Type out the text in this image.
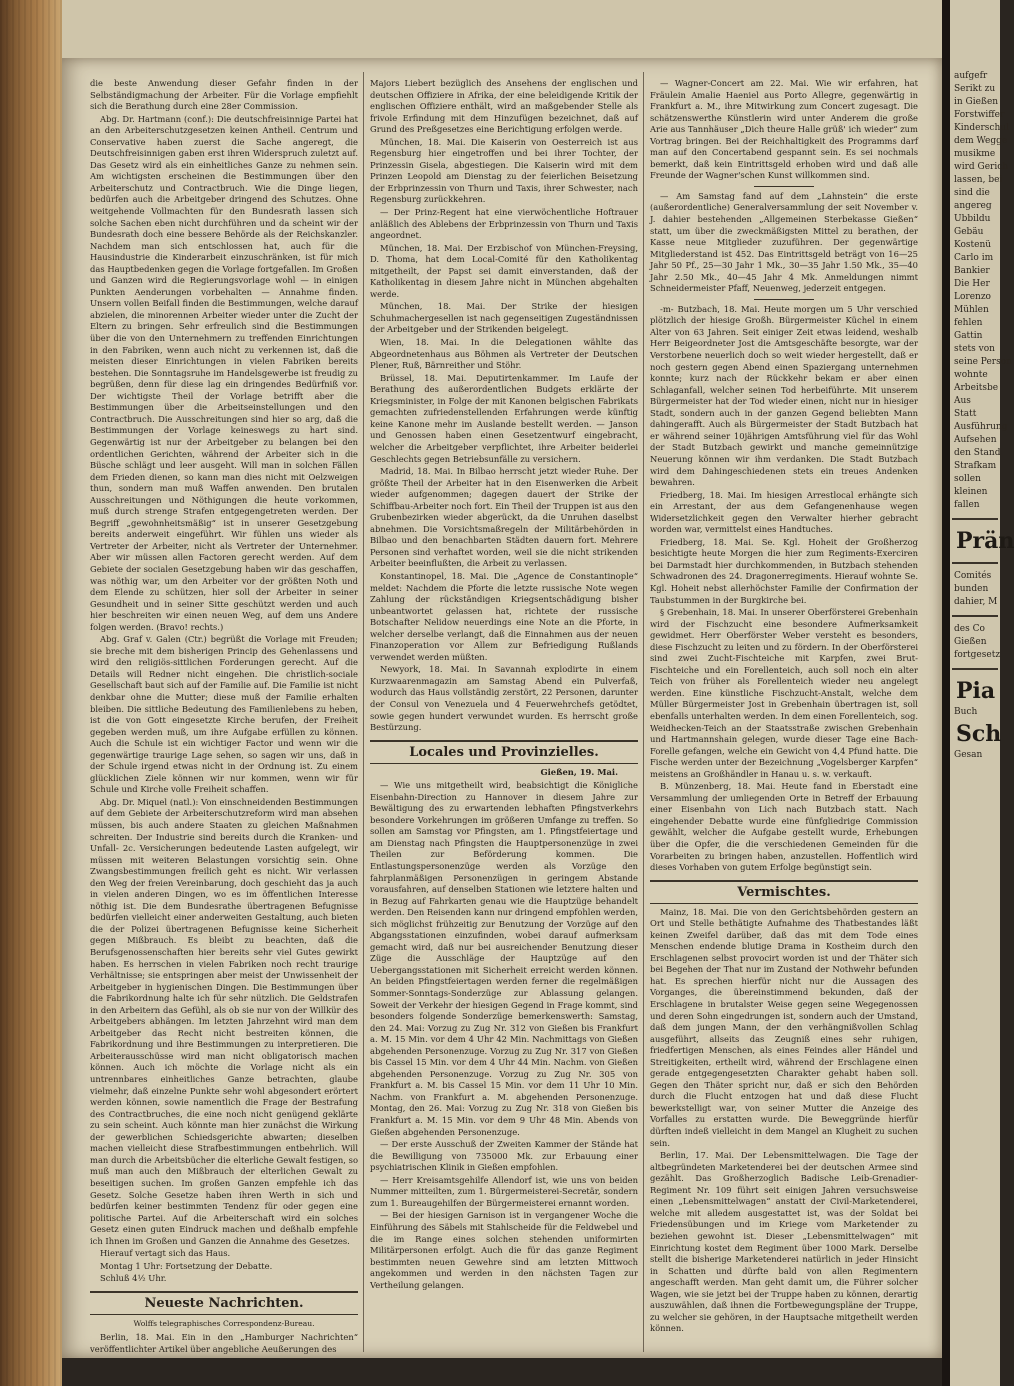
die beste Anwendung dieser Gefahr finden in der Selbständigmachung der Arbeiter. Für die Vorlage empfiehlt sich die Berathung durch eine 28er Commission.

Abg. Dr. Hartmann (conf.): Die deutschfreisinnige Partei hat an den Arbeiterschutzgesetzen keinen Antheil. Centrum und Conservative haben zuerst die Sache angeregt, die Deutschfreisinnigen gaben erst ihren Widerspruch zuletzt auf. Das Gesetz wird als ein einheitliches Ganze zu nehmen sein. Am wichtigsten erscheinen die Bestimmungen über den Arbeiterschutz und Contractbruch. Wie die Dinge liegen, bedürfen auch die Arbeitgeber dringend des Schutzes. Ohne weitgehende Vollmachten für den Bundesrath lassen sich solche Sachen eben nicht durchführen und da scheint wir der Bundesrath doch eine bessere Behörde als der Reichskanzler. Nachdem man sich entschlossen hat, auch für die Hausindustrie die Kinderarbeit einzuschränken, ist für mich das Hauptbedenken gegen die Vorlage fortgefallen. Im Großen und Ganzen wird die Regierungsvorlage wohl — in einigen Punkten Aenderungen vorbehalten — Annahme finden. Unsern vollen Beifall finden die Bestimmungen, welche darauf abzielen, die minorennen Arbeiter wieder unter die Zucht der Eltern zu bringen. Sehr erfreulich sind die Bestimmungen über die von den Unternehmern zu treffenden Einrichtungen in den Fabriken, wenn auch nicht zu verkennen ist, daß die meisten dieser Einrichtungen in vielen Fabriken bereits bestehen. Die Sonntagsruhe im Handelsgewerbe ist freudig zu begrüßen, denn für diese lag ein dringendes Bedürfniß vor. Der wichtigste Theil der Vorlage betrifft aber die Bestimmungen über die Arbeitseinstellungen und den Contractbruch. Die Ausschreitungen sind hier so arg, daß die Bestimmungen der Vorlage keineswegs zu hart sind. Gegenwärtig ist nur der Arbeitgeber zu belangen bei den ordentlichen Gerichten, während der Arbeiter sich in die Büsche schlägt und leer ausgeht. Will man in solchen Fällen dem Frieden dienen, so kann man dies nicht mit Oelzweigen thun, sondern man muß Waffen anwenden. Den brutalen Ausschreitungen und Nöthigungen die heute vorkommen, muß durch strenge Strafen entgegengetreten werden. Der Begriff „gewohnheitsmäßig“ ist in unserer Gesetzgebung bereits anderweit eingeführt. Wir fühlen uns wieder als Vertreter der Arbeiter, nicht als Vertreter der Unternehmer. Aber wir müssen allen Factoren gerecht werden. Auf dem Gebiete der socialen Gesetzgebung haben wir das geschaffen, was nöthig war, um den Arbeiter vor der größten Noth und dem Elende zu schützen, hier soll der Arbeiter in seiner Gesundheit und in seiner Sitte geschützt werden und auch hier beschreiten wir einen neuen Weg, auf dem uns Andere folgen werden. (Bravo! rechts.)

Abg. Graf v. Galen (Ctr.) begrüßt die Vorlage mit Freuden; sie breche mit dem bisherigen Princip des Gehenlassens und wird den religiös-sittlichen Forderungen gerecht. Auf die Details will Redner nicht eingehen. Die christlich-sociale Gesellschaft baut sich auf der Familie auf. Die Familie ist nicht denkbar ohne die Mutter; diese muß der Familie erhalten bleiben. Die sittliche Bedeutung des Familienlebens zu heben, ist die von Gott eingesetzte Kirche berufen, der Freiheit gegeben werden muß, um ihre Aufgabe erfüllen zu können. Auch die Schule ist ein wichtiger Factor und wenn wir die gegenwärtige traurige Lage sehen, so sagen wir uns, daß in der Schule irgend etwas nicht in der Ordnung ist. Zu einem glücklichen Ziele können wir nur kommen, wenn wir für Schule und Kirche volle Freiheit schaffen.

Abg. Dr. Miquel (natl.): Von einschneidenden Bestimmungen auf dem Gebiete der Arbeiterschutzreform wird man absehen müssen, bis auch andere Staaten zu gleichen Maßnahmen schreiten. Der Industrie sind bereits durch die Kranken- und Unfall- 2c. Versicherungen bedeutende Lasten aufgelegt, wir müssen mit weiteren Belastungen vorsichtig sein. Ohne Zwangsbestimmungen freilich geht es nicht. Wir verlassen den Weg der freien Vereinbarung, doch geschieht das ja auch in vielen anderen Dingen, wo es im öffentlichen Interesse nöthig ist. Die dem Bundesrathe übertragenen Befugnisse bedürfen vielleicht einer anderweiten Gestaltung, auch bieten die der Polizei übertragenen Befugnisse keine Sicherheit gegen Mißbrauch. Es bleibt zu beachten, daß die Berufsgenossenschaften hier bereits sehr viel Gutes gewirkt haben. Es herrschen in vielen Fabriken noch recht traurige Verhältnisse; sie entspringen aber meist der Unwissenheit der Arbeitgeber in hygienischen Dingen. Die Bestimmungen über die Fabrikordnung halte ich für sehr nützlich. Die Geldstrafen in den Arbeitern das Gefühl, als ob sie nur von der Willkür des Arbeitgebers abhängen. Im letzten Jahrzehnt wird man dem Arbeitgeber das Recht nicht bestreiten können, die Fabrikordnung und ihre Bestimmungen zu interpretieren. Die Arbeiterausschüsse wird man nicht obligatorisch machen können. Auch ich möchte die Vorlage nicht als ein untrennbares einheitliches Ganze betrachten, glaube vielmehr, daß einzelne Punkte sehr wohl abgesondert erörtert werden können, sowie namentlich die Frage der Bestrafung des Contractbruches, die eine noch nicht genügend geklärte zu sein scheint. Auch könnte man hier zunächst die Wirkung der gewerblichen Schiedsgerichte abwarten; dieselben machen vielleicht diese Strafbestimmungen entbehrlich. Will man durch die Arbeitsbücher die elterliche Gewalt festigen, so muß man auch den Mißbrauch der elterlichen Gewalt zu beseitigen suchen. Im großen Ganzen empfehle ich das Gesetz. Solche Gesetze haben ihren Werth in sich und bedürfen keiner bestimmten Tendenz für oder gegen eine politische Partei. Auf die Arbeiterschaft wird ein solches Gesetz einen guten Eindruck machen und deßhalb empfehle ich Ihnen im Großen und Ganzen die Annahme des Gesetzes.

Hierauf vertagt sich das Haus.

Montag 1 Uhr: Fortsetzung der Debatte.

Schluß 4½ Uhr.

Neueste Nachrichten.
Wolffs telegraphisches Correspondenz-Bureau.

Berlin, 18. Mai. Ein in den „Hamburger Nachrichten“ veröffentlichter Artikel über angebliche Aeußerungen des

Majors Liebert bezüglich des Ansehens der englischen und deutschen Offiziere in Afrika, der eine beleidigende Kritik der englischen Offiziere enthält, wird an maßgebender Stelle als frivole Erfindung mit dem Hinzufügen bezeichnet, daß auf Grund des Preßgesetzes eine Berichtigung erfolgen werde.

München, 18. Mai. Die Kaiserin von Oesterreich ist aus Regensburg hier eingetroffen und bei ihrer Tochter, der Prinzessin Gisela, abgestiegen. Die Kaiserin wird mit dem Prinzen Leopold am Dienstag zu der feierlichen Beisetzung der Erbprinzessin von Thurn und Taxis, ihrer Schwester, nach Regensburg zurückkehren.

— Der Prinz-Regent hat eine vierwöchentliche Hoftrauer anläßlich des Ablebens der Erbprinzessin von Thurn und Taxis angeordnet.

München, 18. Mai. Der Erzbischof von München-Freysing, D. Thoma, hat dem Local-Comité für den Katholikentag mitgetheilt, der Papst sei damit einverstanden, daß der Katholikentag in diesem Jahre nicht in München abgehalten werde.

München, 18. Mai. Der Strike der hiesigen Schuhmachergesellen ist nach gegenseitigen Zugeständnissen der Arbeitgeber und der Strikenden beigelegt.

Wien, 18. Mai. In die Delegationen wählte das Abgeordnetenhaus aus Böhmen als Vertreter der Deutschen Plener, Ruß, Bärnreither und Stöhr.

Brüssel, 18. Mai. Deputirtenkammer. Im Laufe der Berathung des außerordentlichen Budgets erklärte der Kriegsminister, in Folge der mit Kanonen belgischen Fabrikats gemachten zufriedenstellenden Erfahrungen werde künftig keine Kanone mehr im Auslande bestellt werden. — Janson und Genossen haben einen Gesetzentwurf eingebracht, welcher die Arbeitgeber verpflichtet, ihre Arbeiter beiderlei Geschlechts gegen Betriebsunfälle zu versichern.

Madrid, 18. Mai. In Bilbao herrscht jetzt wieder Ruhe. Der größte Theil der Arbeiter hat in den Eisenwerken die Arbeit wieder aufgenommen; dagegen dauert der Strike der Schiffbau-Arbeiter noch fort. Ein Theil der Truppen ist aus den Grubenbezirken wieder abgerückt, da die Unruhen daselbst abnehmen. Die Vorsichtsmaßregeln der Militärbehörden in Bilbao und den benachbarten Städten dauern fort. Mehrere Personen sind verhaftet worden, weil sie die nicht strikenden Arbeiter beeinflußten, die Arbeit zu verlassen.

Konstantinopel, 18. Mai. Die „Agence de Constantinople“ meldet: Nachdem die Pforte die letzte russische Note wegen Zahlung der rückständigen Kriegsentschädigung bisher unbeantwortet gelassen hat, richtete der russische Botschafter Nelidow neuerdings eine Note an die Pforte, in welcher derselbe verlangt, daß die Einnahmen aus der neuen Finanzoperation vor Allem zur Befriedigung Rußlands verwendet werden müßten.

Newyork, 18. Mai. In Savannah explodirte in einem Kurzwaarenmagazin am Samstag Abend ein Pulverfaß, wodurch das Haus vollständig zerstört, 22 Personen, darunter der Consul von Venezuela und 4 Feuerwehrchefs getödtet, sowie gegen hundert verwundet wurden. Es herrscht große Bestürzung.

Locales und Provinzielles.
Gießen, 19. Mai.

— Wie uns mitgetheilt wird, beabsichtigt die Königliche Eisenbahn-Direction zu Hannover in diesem Jahre zur Bewältigung des zu erwartenden lebhaften Pfingstverkehrs besondere Vorkehrungen im größeren Umfange zu treffen. So sollen am Samstag vor Pfingsten, am 1. Pfingstfeiertage und am Dienstag nach Pfingsten die Hauptpersonenzüge in zwei Theilen zur Beförderung kommen. Die Entlastungspersonenzüge werden als Vorzüge den fahrplanmäßigen Personenzügen in geringem Abstande vorausfahren, auf denselben Stationen wie letztere halten und in Bezug auf Fahrkarten genau wie die Hauptzüge behandelt werden. Den Reisenden kann nur dringend empfohlen werden, sich möglichst frühzeitig zur Benutzung der Vorzüge auf den Abgangsstationen einzufinden, wobei darauf aufmerksam gemacht wird, daß nur bei ausreichender Benutzung dieser Züge die Ausschläge der Hauptzüge auf den Uebergangsstationen mit Sicherheit erreicht werden können. An beiden Pfingstfeiertagen werden ferner die regelmäßigen Sommer-Sonntags-Sonderzüge zur Ablassung gelangen. Soweit der Verkehr der hiesigen Gegend in Frage kommt, sind besonders folgende Sonderzüge bemerkenswerth: Samstag, den 24. Mai: Vorzug zu Zug Nr. 312 von Gießen bis Frankfurt a. M. 15 Min. vor dem 4 Uhr 42 Min. Nachmittags von Gießen abgehenden Personenzuge. Vorzug zu Zug Nr. 317 von Gießen bis Cassel 15 Min. vor dem 4 Uhr 44 Min. Nachm. von Gießen abgehenden Personenzuge. Vorzug zu Zug Nr. 305 von Frankfurt a. M. bis Cassel 15 Min. vor dem 11 Uhr 10 Min. Nachm. von Frankfurt a. M. abgehenden Personenzuge. Montag, den 26. Mai: Vorzug zu Zug Nr. 318 von Gießen bis Frankfurt a. M. 15 Min. vor dem 9 Uhr 48 Min. Abends von Gießen abgehenden Personenzuge.

— Der erste Ausschuß der Zweiten Kammer der Stände hat die Bewilligung von 735000 Mk. zur Erbauung einer psychiatrischen Klinik in Gießen empfohlen.

— Herr Kreisamtsgehilfe Allendorf ist, wie uns von beiden Nummer mitteilten, zum 1. Bürgermeisterei-Secretär, sondern zum 1. Bureaugehilfen der Bürgermeisterei ernannt worden.

— Bei der hiesigen Garnison ist in vergangener Woche die Einführung des Säbels mit Stahlscheide für die Feldwebel und die im Range eines solchen stehenden uniformirten Militärpersonen erfolgt. Auch die für das ganze Regiment bestimmten neuen Gewehre sind am letzten Mittwoch angekommen und werden in den nächsten Tagen zur Vertheilung gelangen.

— Wagner-Concert am 22. Mai. Wie wir erfahren, hat Fräulein Amalie Haeniel aus Porto Allegre, gegenwärtig in Frankfurt a. M., ihre Mitwirkung zum Concert zugesagt. Die schätzenswerthe Künstlerin wird unter Anderem die große Arie aus Tannhäuser „Dich theure Halle grüß' ich wieder“ zum Vortrag bringen. Bei der Reichhaltigkeit des Programms darf man auf den Concertabend gespannt sein. Es sei nochmals bemerkt, daß kein Eintrittsgeld erhoben wird und daß alle Freunde der Wagner'schen Kunst willkommen sind.

— Am Samstag fand auf dem „Lahnstein“ die erste (außerordentliche) Generalversammlung der seit November v. J. dahier bestehenden „Allgemeinen Sterbekasse Gießen“ statt, um über die zweckmäßigsten Mittel zu berathen, der Kasse neue Mitglieder zuzuführen. Der gegenwärtige Mitgliederstand ist 452. Das Eintrittsgeld beträgt von 16—25 Jahr 50 Pf., 25—30 Jahr 1 Mk., 30—35 Jahr 1.50 Mk., 35—40 Jahr 2.50 Mk., 40—45 Jahr 4 Mk. Anmeldungen nimmt Schneidermeister Pfaff, Neuenweg, jederzeit entgegen.

-m- Butzbach, 18. Mai. Heute morgen um 5 Uhr verschied plötzlich der hiesige Großh. Bürgermeister Küchel in einem Alter von 63 Jahren. Seit einiger Zeit etwas leidend, weshalb Herr Beigeordneter Jost die Amtsgeschäfte besorgte, war der Verstorbene neuerlich doch so weit wieder hergestellt, daß er noch gestern gegen Abend einen Spaziergang unternehmen konnte; kurz nach der Rückkehr bekam er aber einen Schlaganfall, welcher seinen Tod herbeiführte. Mit unserem Bürgermeister hat der Tod wieder einen, nicht nur in hiesiger Stadt, sondern auch in der ganzen Gegend beliebten Mann dahingerafft. Auch als Bürgermeister der Stadt Butzbach hat er während seiner 10jährigen Amtsführung viel für das Wohl der Stadt Butzbach gewirkt und manche gemeinnützige Neuerung können wir ihm verdanken. Die Stadt Butzbach wird dem Dahingeschiedenen stets ein treues Andenken bewahren.

Friedberg, 18. Mai. Im hiesigen Arrestlocal erhängte sich ein Arrestant, der aus dem Gefangenenhause wegen Widersetzlichkeit gegen den Verwalter hierher gebracht worden war, vermittelst eines Handtuches.

Friedberg, 18. Mai. Se. Kgl. Hoheit der Großherzog besichtigte heute Morgen die hier zum Regiments-Exerciren bei Darmstadt hier durchkommenden, in Butzbach stehenden Schwadronen des 24. Dragonerregiments. Hierauf wohnte Se. Kgl. Hoheit nebst allerhöchster Familie der Confirmation der Taubstummen in der Burgkirche bei.

§ Grebenhain, 18. Mai. In unserer Oberförsterei Grebenhain wird der Fischzucht eine besondere Aufmerksamkeit gewidmet. Herr Oberförster Weber versteht es besonders, diese Fischzucht zu leiten und zu fördern. In der Oberförsterei sind zwei Zucht-Fischteiche mit Karpfen, zwei Brut-Fischteiche und ein Forellenteich, auch soll noch ein alter Teich von früher als Forellenteich wieder neu angelegt werden. Eine künstliche Fischzucht-Anstalt, welche dem Müller Bürgermeister Jost in Grebenhain übertragen ist, soll ebenfalls unterhalten werden. In dem einen Forellenteich, sog. Weidhecken-Teich an der Staatsstraße zwischen Grebenhain und Hartmannshain gelegen, wurde dieser Tage eine Bach-Forelle gefangen, welche ein Gewicht von 4,4 Pfund hatte. Die Fische werden unter der Bezeichnung „Vogelsberger Karpfen“ meistens an Großhändler in Hanau u. s. w. verkauft.

B. Münzenberg, 18. Mai. Heute fand in Eberstadt eine Versammlung der umliegenden Orte in Betreff der Erbauung einer Eisenbahn von Lich nach Butzbach statt. Nach eingehender Debatte wurde eine fünfgliedrige Commission gewählt, welcher die Aufgabe gestellt wurde, Erhebungen über die Opfer, die die verschiedenen Gemeinden für die Vorarbeiten zu bringen haben, anzustellen. Hoffentlich wird dieses Vorhaben von gutem Erfolge begünstigt sein.

Vermischtes.

Mainz, 18. Mai. Die von den Gerichtsbehörden gestern an Ort und Stelle bethätigte Aufnahme des Thatbestandes läßt keinen Zweifel darüber, daß das mit dem Tode eines Menschen endende blutige Drama in Kostheim durch den Erschlagenen selbst provocirt worden ist und der Thäter sich bei Begehen der That nur im Zustand der Nothwehr befunden hat. Es sprechen hierfür nicht nur die Aussagen des Vorganges, die übereinstimmend bekunden, daß der Erschlagene in brutalster Weise gegen seine Wegegenossen und deren Sohn eingedrungen ist, sondern auch der Umstand, daß dem jungen Mann, der den verhängnißvollen Schlag ausgeführt, allseits das Zeugniß eines sehr ruhigen, friedfertigen Menschen, als eines Feindes aller Händel und Streitigkeiten, ertheilt wird, während der Erschlagene einen gerade entgegengesetzten Charakter gehabt haben soll. Gegen den Thäter spricht nur, daß er sich den Behörden durch die Flucht entzogen hat und daß diese Flucht bewerkstelligt war, von seiner Mutter die Anzeige des Vorfalles zu erstatten wurde. Die Beweggründe hierfür dürften indeß vielleicht in dem Mangel an Klugheit zu suchen sein.

Berlin, 17. Mai. Der Lebensmittelwagen. Die Tage der altbegründeten Marketenderei bei der deutschen Armee sind gezählt. Das Großherzoglich Badische Leib-Grenadier-Regiment Nr. 109 führt seit einigen Jahren versuchsweise einen „Lebensmittelwagen“ anstatt der Civil-Marketenderei, welche mit alledem ausgestattet ist, was der Soldat bei Friedensübungen und im Kriege vom Marketender zu beziehen gewohnt ist. Dieser „Lebensmittelwagen“ mit Einrichtung kostet dem Regiment über 1000 Mark. Derselbe stellt die bisherige Marketenderei natürlich in jeder Hinsicht in Schatten und dürfte bald von allen Regimentern angeschafft werden. Man geht damit um, die Führer solcher Wagen, wie sie jetzt bei der Truppe haben zu können, derartig auszuwählen, daß ihnen die Fortbewegungspläne der Truppe, zu welcher sie gehören, in der Hauptsache mitgetheilt werden können.

aufgefr
Serikt zu
in Gießen
Forstwiffer
Kinderschul
dem Wegge
musikme
wird Gerich
lassen, bei
sind die
angereg
Ubbildu
Gebäu
Kostenü
Carlo im
Bankier
Die Her
Lorenzo
Mühlen
fehlen
Gattin
stets von
seine Person
wohnte
Arbeitsbe
Aus
Statt
Ausführung
Aufsehen
den Stand
Strafkam
sollen
kleinen
fallen
Prän
Comités
bunden
dahier, M
des Co
Gießen
fortgesetz
Pia
Buch
Sch
Gesan
